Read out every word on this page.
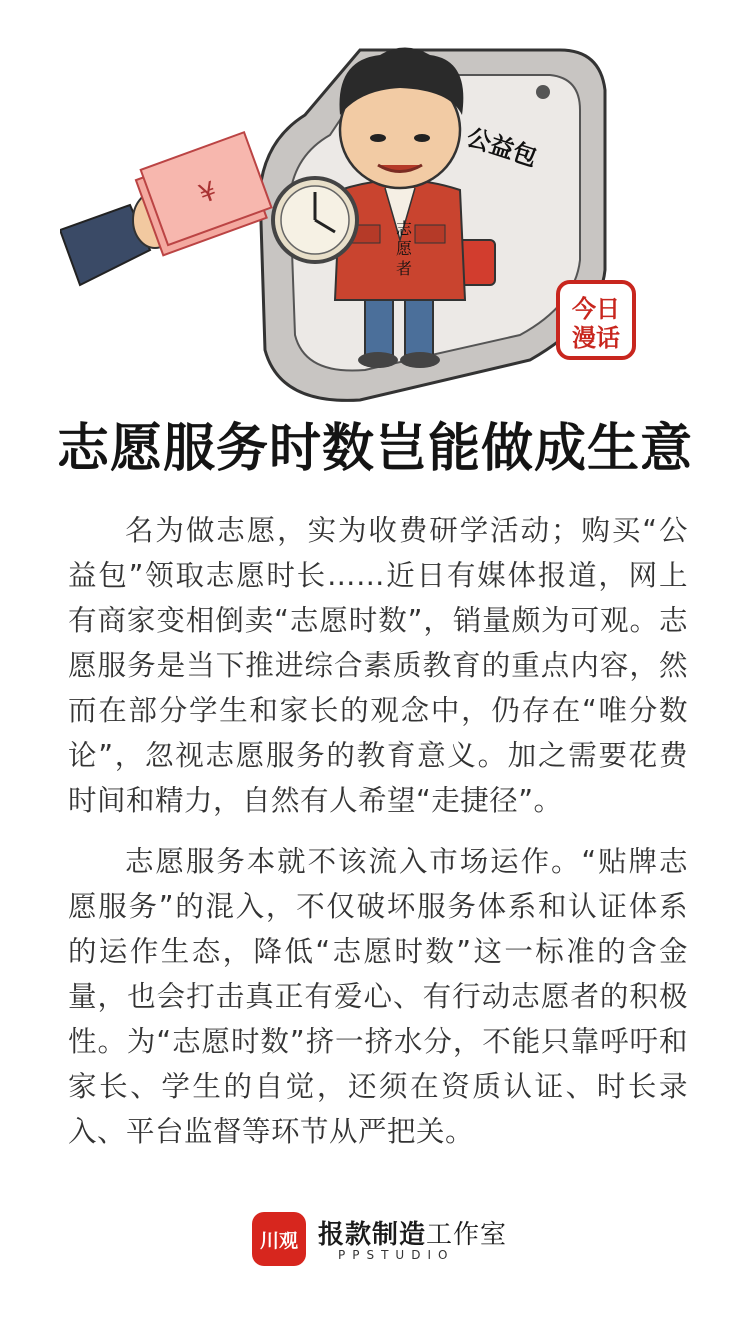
¥
志愿者
公益包
今日
漫话
志愿服务时数岂能做成生意

名为做志愿，实为收费研学活动；购买“公益包”领取志愿时长……近日有媒体报道，网上有商家变相倒卖“志愿时数”，销量颇为可观。志愿服务是当下推进综合素质教育的重点内容，然而在部分学生和家长的观念中，仍存在“唯分数论”，忽视志愿服务的教育意义。加之需要花费时间和精力，自然有人希望“走捷径”。

志愿服务本就不该流入市场运作。“贴牌志愿服务”的混入，不仅破坏服务体系和认证体系的运作生态，降低“志愿时数”这一标准的含金量，也会打击真正有爱心、有行动志愿者的积极性。为“志愿时数”挤一挤水分，不能只靠呼吁和家长、学生的自觉，还须在资质认证、时长录入、平台监督等环节从严把关。

川观 报款制造工作室
PPSTUDIO
